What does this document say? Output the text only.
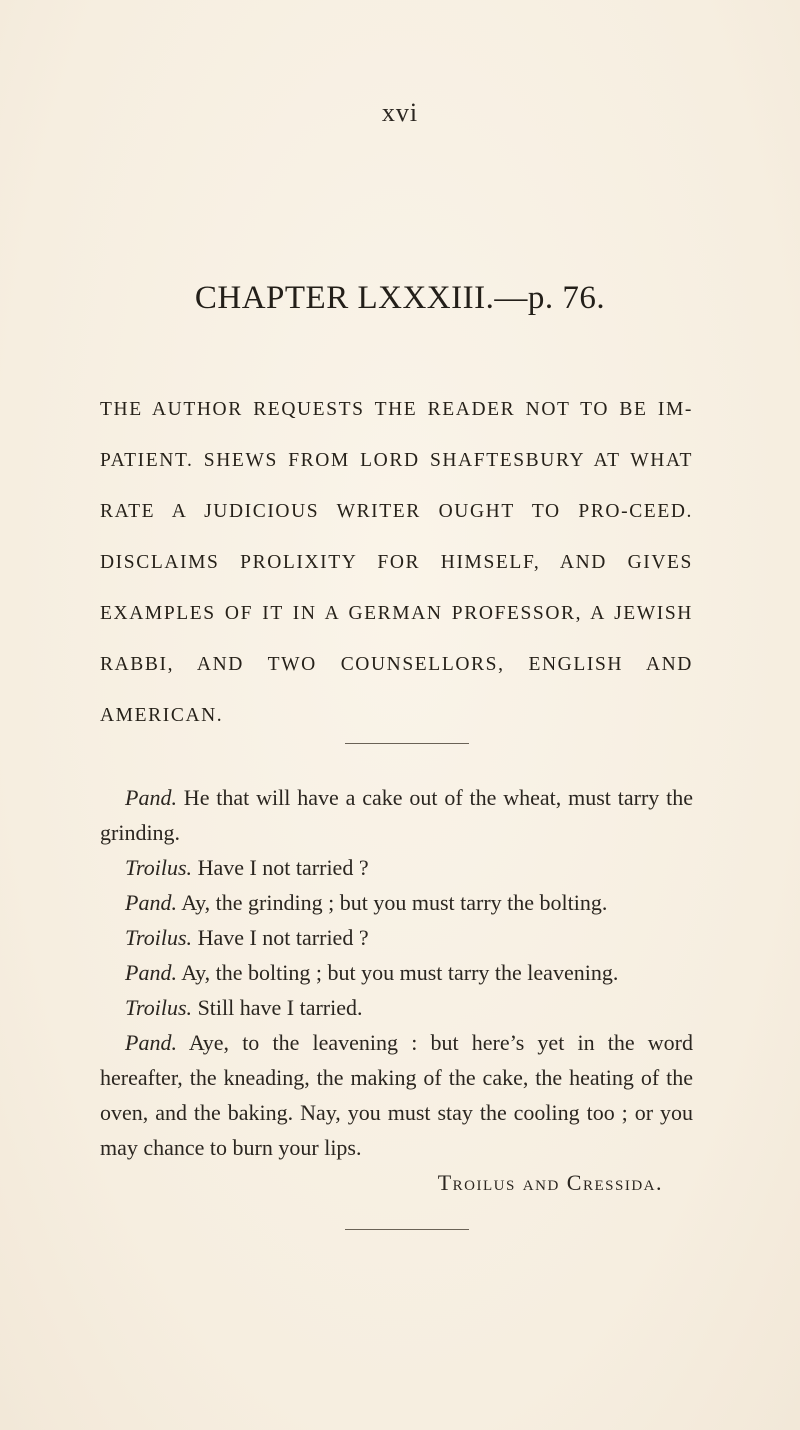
xvi
CHAPTER LXXXIII.—p. 76.
THE AUTHOR REQUESTS THE READER NOT TO BE IM-PATIENT. SHEWS FROM LORD SHAFTESBURY AT WHAT RATE A JUDICIOUS WRITER OUGHT TO PRO-CEED. DISCLAIMS PROLIXITY FOR HIMSELF, AND GIVES EXAMPLES OF IT IN A GERMAN PROFESSOR, A JEWISH RABBI, AND TWO COUNSELLORS, ENGLISH AND AMERICAN.

Pand. He that will have a cake out of the wheat, must tarry the grinding.

Troilus. Have I not tarried ?

Pand. Ay, the grinding ; but you must tarry the bolting.

Troilus. Have I not tarried ?

Pand. Ay, the bolting ; but you must tarry the leavening.

Troilus. Still have I tarried.

Pand. Aye, to the leavening : but here’s yet in the word hereafter, the kneading, the making of the cake, the heating of the oven, and the baking. Nay, you must stay the cooling too ; or you may chance to burn your lips.

Troilus and Cressida.
